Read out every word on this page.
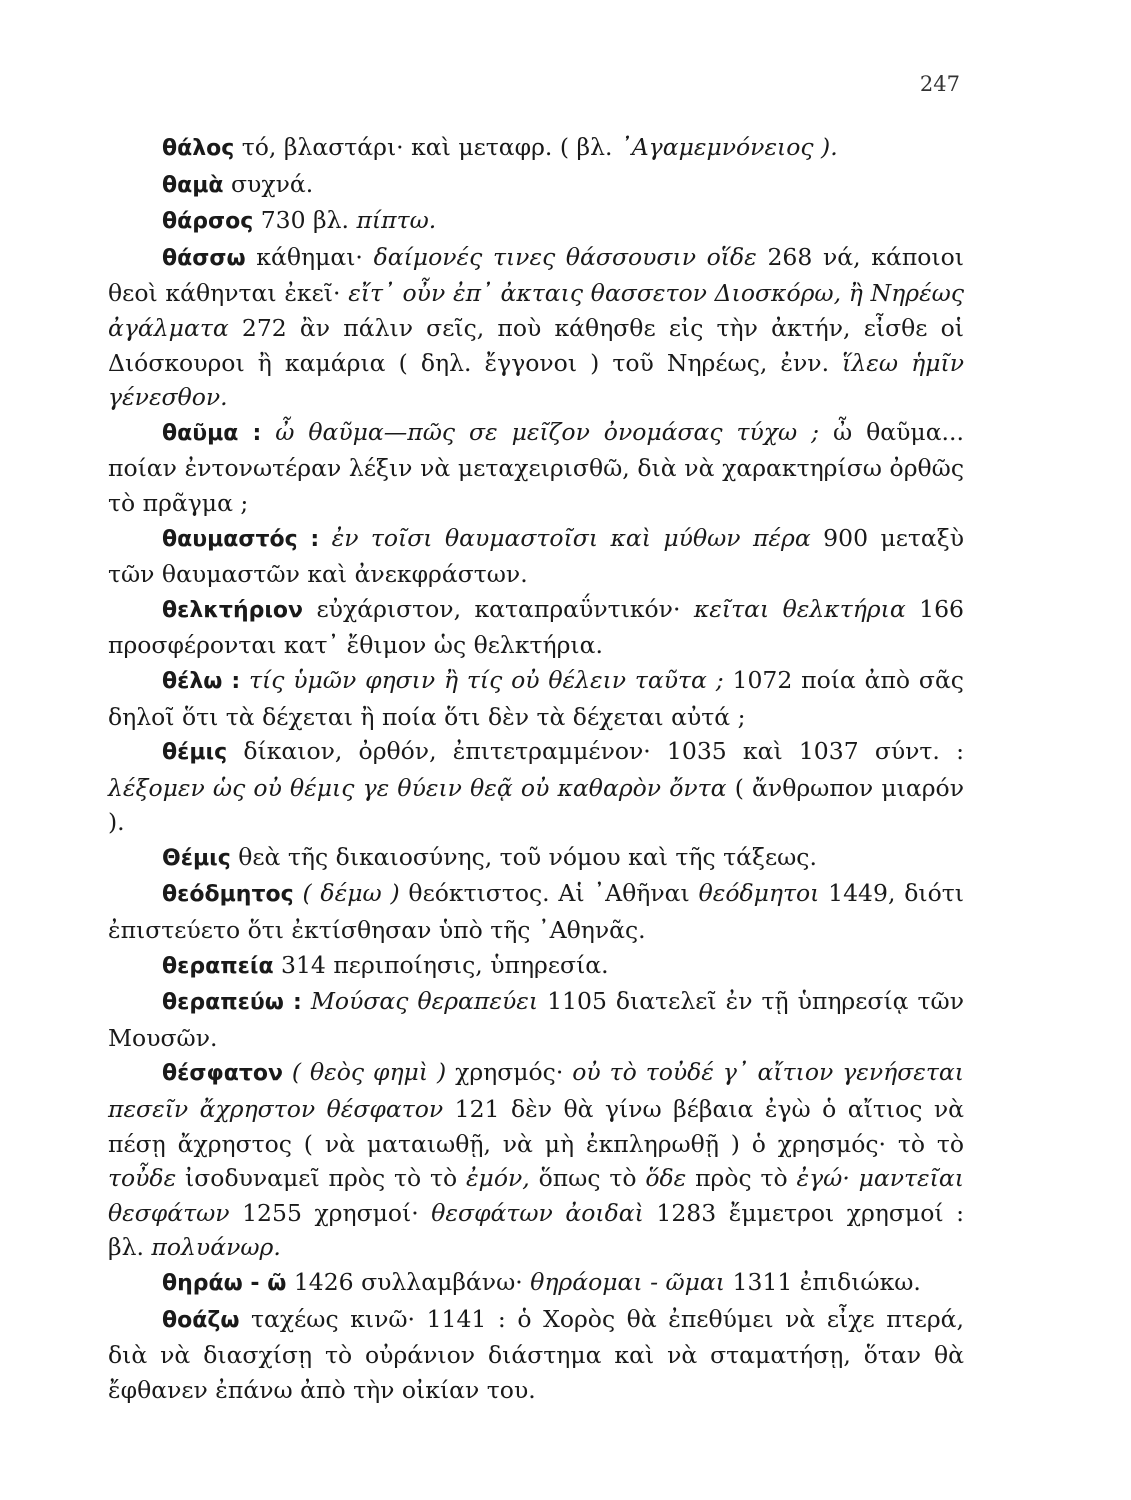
247

θάλος τό, βλαστάρι· καὶ μεταφρ. ( βλ. ᾿Αγαμεμνόνειος ).

θαμὰ συχνά.

θάρσος 730 βλ. πίπτω.

θάσσω κάθημαι· δαίμονές τινες θάσσουσιν οἵδε 268 νά, κάποιοι θεοὶ κάθηνται ἐκεῖ· εἴτ᾿ οὖν ἐπ᾿ ἀκταις θασσετον Διοσκόρω, ἢ Νηρέως ἀγάλματα 272 ἂν πάλιν σεῖς, ποὺ κάθησθε εἰς τὴν ἀκτήν, εἶσθε οἱ Διόσκουροι ἢ καμάρια ( δηλ. ἔγγονοι ) τοῦ Νηρέως, ἐνν. ἵλεω ἡμῖν γένεσθον.

θαῦμα : ὦ θαῦμα—πῶς σε μεῖζον ὀνομάσας τύχω ; ὦ θαῦμα... ποίαν ἐντονωτέραν λέξιν νὰ μεταχειρισθῶ, διὰ νὰ χαρακτηρίσω ὀρθῶς τὸ πρᾶγμα ;

θαυμαστός : ἐν τοῖσι θαυμαστοῖσι καὶ μύθων πέρα 900 μεταξὺ τῶν θαυμαστῶν καὶ ἀνεκφράστων.

θελκτήριον εὐχάριστον, καταπραΰντικόν· κεῖται θελκτήρια 166 προσφέρονται κατ᾿ ἔθιμον ὡς θελκτήρια.

θέλω : τίς ὑμῶν φησιν ἢ τίς οὐ θέλειν ταῦτα ; 1072 ποία ἀπὸ σᾶς δηλοῖ ὅτι τὰ δέχεται ἢ ποία ὅτι δὲν τὰ δέχεται αὐτά ;

θέμις δίκαιον, ὀρθόν, ἐπιτετραμμένον· 1035 καὶ 1037 σύντ. : λέξομεν ὡς οὐ θέμις γε θύειν θεᾷ οὐ καθαρὸν ὄντα ( ἄνθρωπον μιαρόν ).

Θέμις θεὰ τῆς δικαιοσύνης, τοῦ νόμου καὶ τῆς τάξεως.

θεόδμητος ( δέμω ) θεόκτιστος. Αἱ ᾿Αθῆναι θεόδμητοι 1449, διότι ἐπιστεύετο ὅτι ἐκτίσθησαν ὑπὸ τῆς ᾿Αθηνᾶς.

θεραπεία 314 περιποίησις, ὑπηρεσία.

θεραπεύω : Μούσας θεραπεύει 1105 διατελεῖ ἐν τῇ ὑπηρεσίᾳ τῶν Μουσῶν.

θέσφατον ( θεὸς φημὶ ) χρησμός· οὐ τὸ τοὐδέ γ᾿ αἴτιον γενήσεται πεσεῖν ἄχρηστον θέσφατον 121 δὲν θὰ γίνω βέβαια ἐγὼ ὁ αἴτιος νὰ πέσῃ ἄχρηστος ( νὰ ματαιωθῇ, νὰ μὴ ἐκπληρωθῇ ) ὁ χρησμός· τὸ τὸ τοὖδε ἰσοδυναμεῖ πρὸς τὸ τὸ ἐμόν, ὅπως τὸ ὅδε πρὸς τὸ ἐγώ· μαντεῖαι θεσφάτων 1255 χρησμοί· θεσφάτων ἀοιδαὶ 1283 ἔμμετροι χρησμοί : βλ. πολυάνωρ.

θηράω - ῶ 1426 συλλαμβάνω· θηράομαι - ῶμαι 1311 ἐπιδιώκω.

θοάζω ταχέως κινῶ· 1141 : ὁ Χορὸς θὰ ἐπεθύμει νὰ εἶχε πτερά, διὰ νὰ διασχίσῃ τὸ οὐράνιον διάστημα καὶ νὰ σταματήσῃ, ὅταν θὰ ἔφθανεν ἐπάνω ἀπὸ τὴν οἰκίαν του.
